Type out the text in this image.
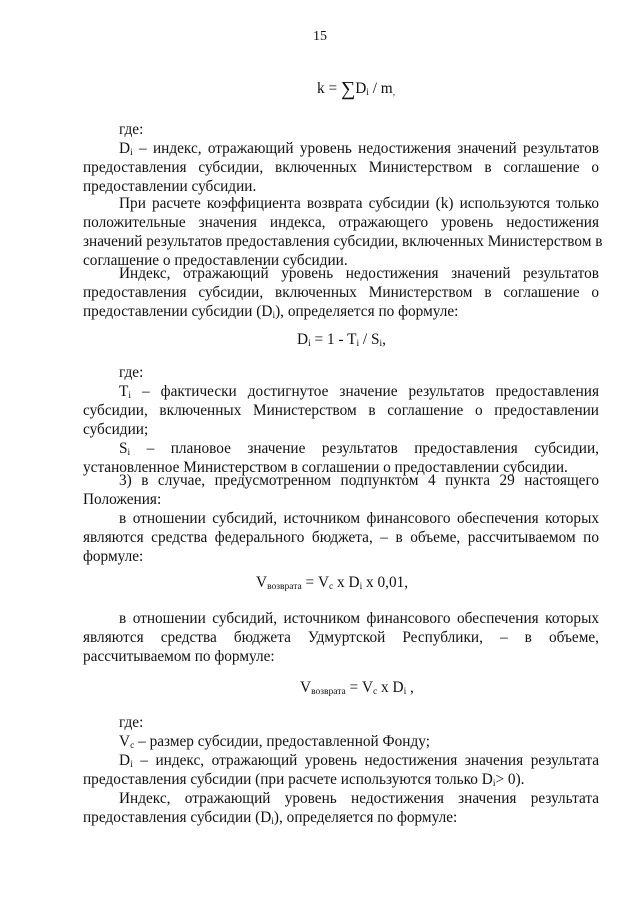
15
$k = \sum D_i / m_,$
где:
$D_i$ – индекс, отражающий уровень недостижения значений результатов
предоставления субсидии, включенных Министерством в соглашение о
предоставлении субсидии.
При расчете коэффициента возврата субсидии (k) используются только
положительные значения индекса, отражающего уровень недостижения
значений результатов предоставления субсидии, включенных Министерством в
соглашение о предоставлении субсидии.
Индекс, отражающий уровень недостижения значений результатов
предоставления субсидии, включенных Министерством в соглашение о
предоставлении субсидии $(D_i)$, определяется по формуле:
$D_i = 1 - T_i / S_i$,
где:
$T_i$ – фактически достигнутое значение результатов предоставления
субсидии, включенных Министерством в соглашение о предоставлении
субсидии;
$S_i$ – плановое значение результатов предоставления субсидии,
установленное Министерством в соглашении о предоставлении субсидии.
3) в случае, предусмотренном подпунктом 4 пункта 29 настоящего
Положения:
в отношении субсидий, источником финансового обеспечения которых
являются средства федерального бюджета, – в объеме, рассчитываемом по
формуле:
$V_{возврата} = V_c$ x $D_i$ x 0,01,
в отношении субсидий, источником финансового обеспечения которых
являются средства бюджета Удмуртской Республики, – в объеме,
рассчитываемом по формуле:
$V_{возврата} = V_c$ x $D_i$ ,
где:
$V_c$ – размер субсидии, предоставленной Фонду;
$D_i$ – индекс, отражающий уровень недостижения значения результата
предоставления субсидии (при расчете используются только $D_i> 0$).
Индекс, отражающий уровень недостижения значения результата
предоставления субсидии $(D_i)$, определяется по формуле:
